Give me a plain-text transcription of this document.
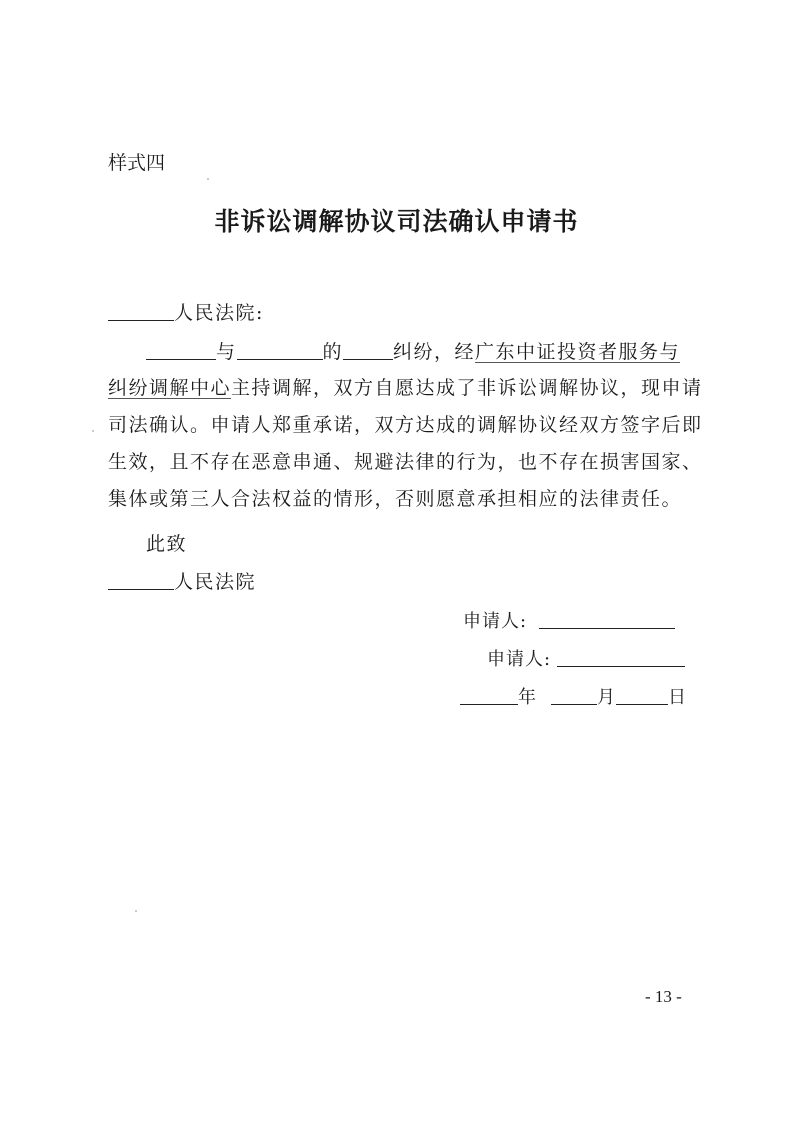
样式四
非诉讼调解协议司法确认申请书
人民法院:
与	的	纠纷，经广东中证投资者服务与
纠纷调解中心主持调解，双方自愿达成了非诉讼调解协议，现申请
司法确认。申请人郑重承诺，双方达成的调解协议经双方签字后即
生效，且不存在恶意串通、规避法律的行为，也不存在损害国家、
集体或第三人合法权益的情形，否则愿意承担相应的法律责任。
此致
人民法院
申请人:
申请人:
年	月	日
- 13 -
